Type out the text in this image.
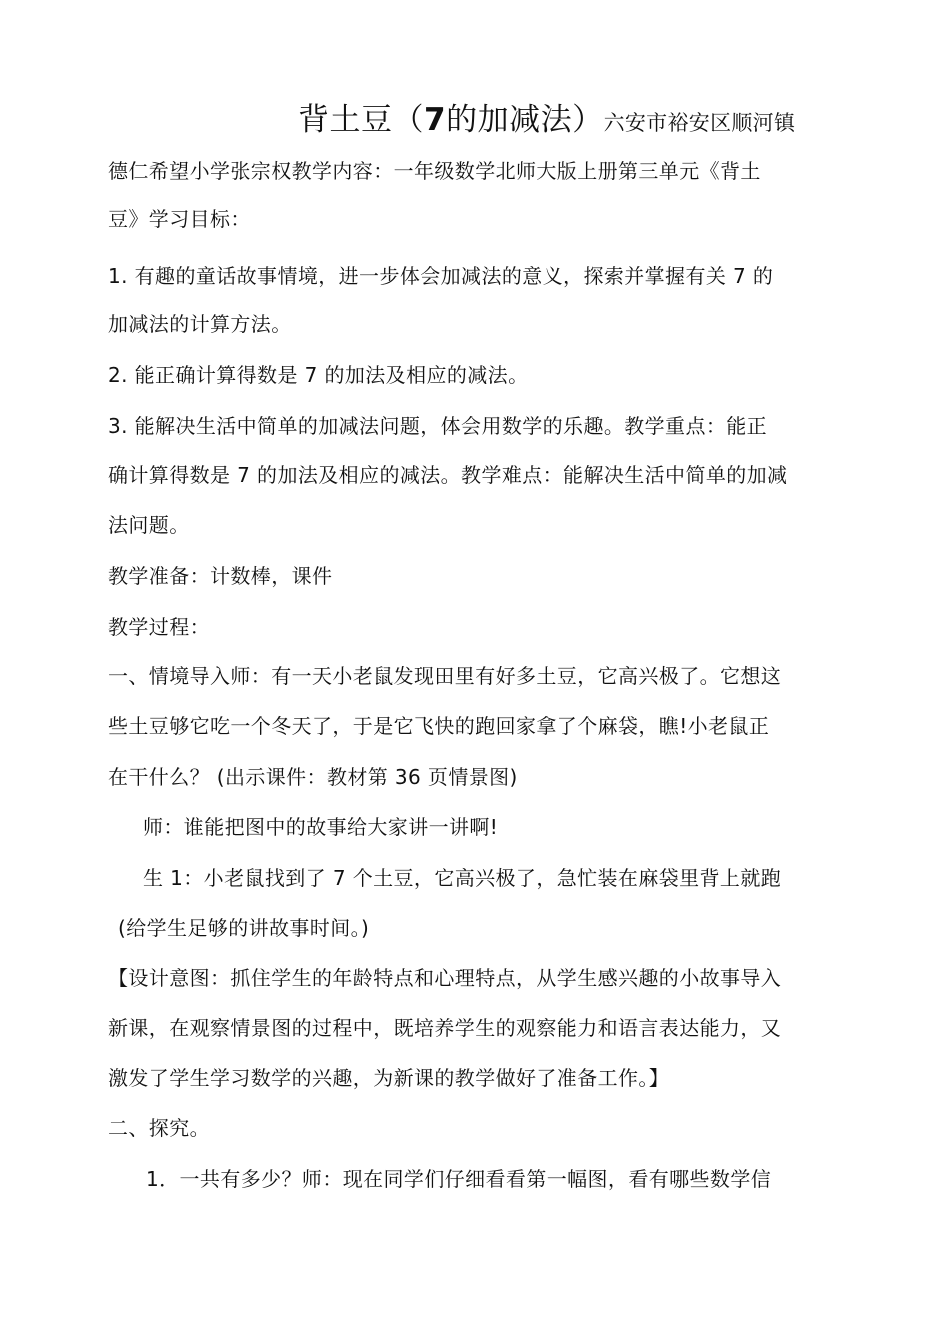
背土豆（7的加减法）六安市裕安区顺河镇
德仁希望小学张宗权教学内容：一年级数学北师大版上册第三单元《背土
豆》学习目标：
1. 有趣的童话故事情境，进一步体会加减法的意义，探索并掌握有关 7 的
加减法的计算方法。
2. 能正确计算得数是 7 的加法及相应的减法。
3. 能解决生活中简单的加减法问题，体会用数学的乐趣。教学重点：能正
确计算得数是 7 的加法及相应的减法。教学难点：能解决生活中简单的加减
法问题。
教学准备：计数棒，课件
教学过程：
一、情境导入师：有一天小老鼠发现田里有好多土豆，它高兴极了。它想这
些土豆够它吃一个冬天了，于是它飞快的跑回家拿了个麻袋，瞧!小老鼠正
在干什么？ (出示课件：教材第 36 页情景图)
师：谁能把图中的故事给大家讲一讲啊!
生 1：小老鼠找到了 7 个土豆，它高兴极了，急忙装在麻袋里背上就跑
(给学生足够的讲故事时间。)
【设计意图：抓住学生的年龄特点和心理特点，从学生感兴趣的小故事导入
新课，在观察情景图的过程中，既培养学生的观察能力和语言表达能力，又
激发了学生学习数学的兴趣，为新课的教学做好了准备工作。】
二、探究。
1．一共有多少？师：现在同学们仔细看看第一幅图，看有哪些数学信
